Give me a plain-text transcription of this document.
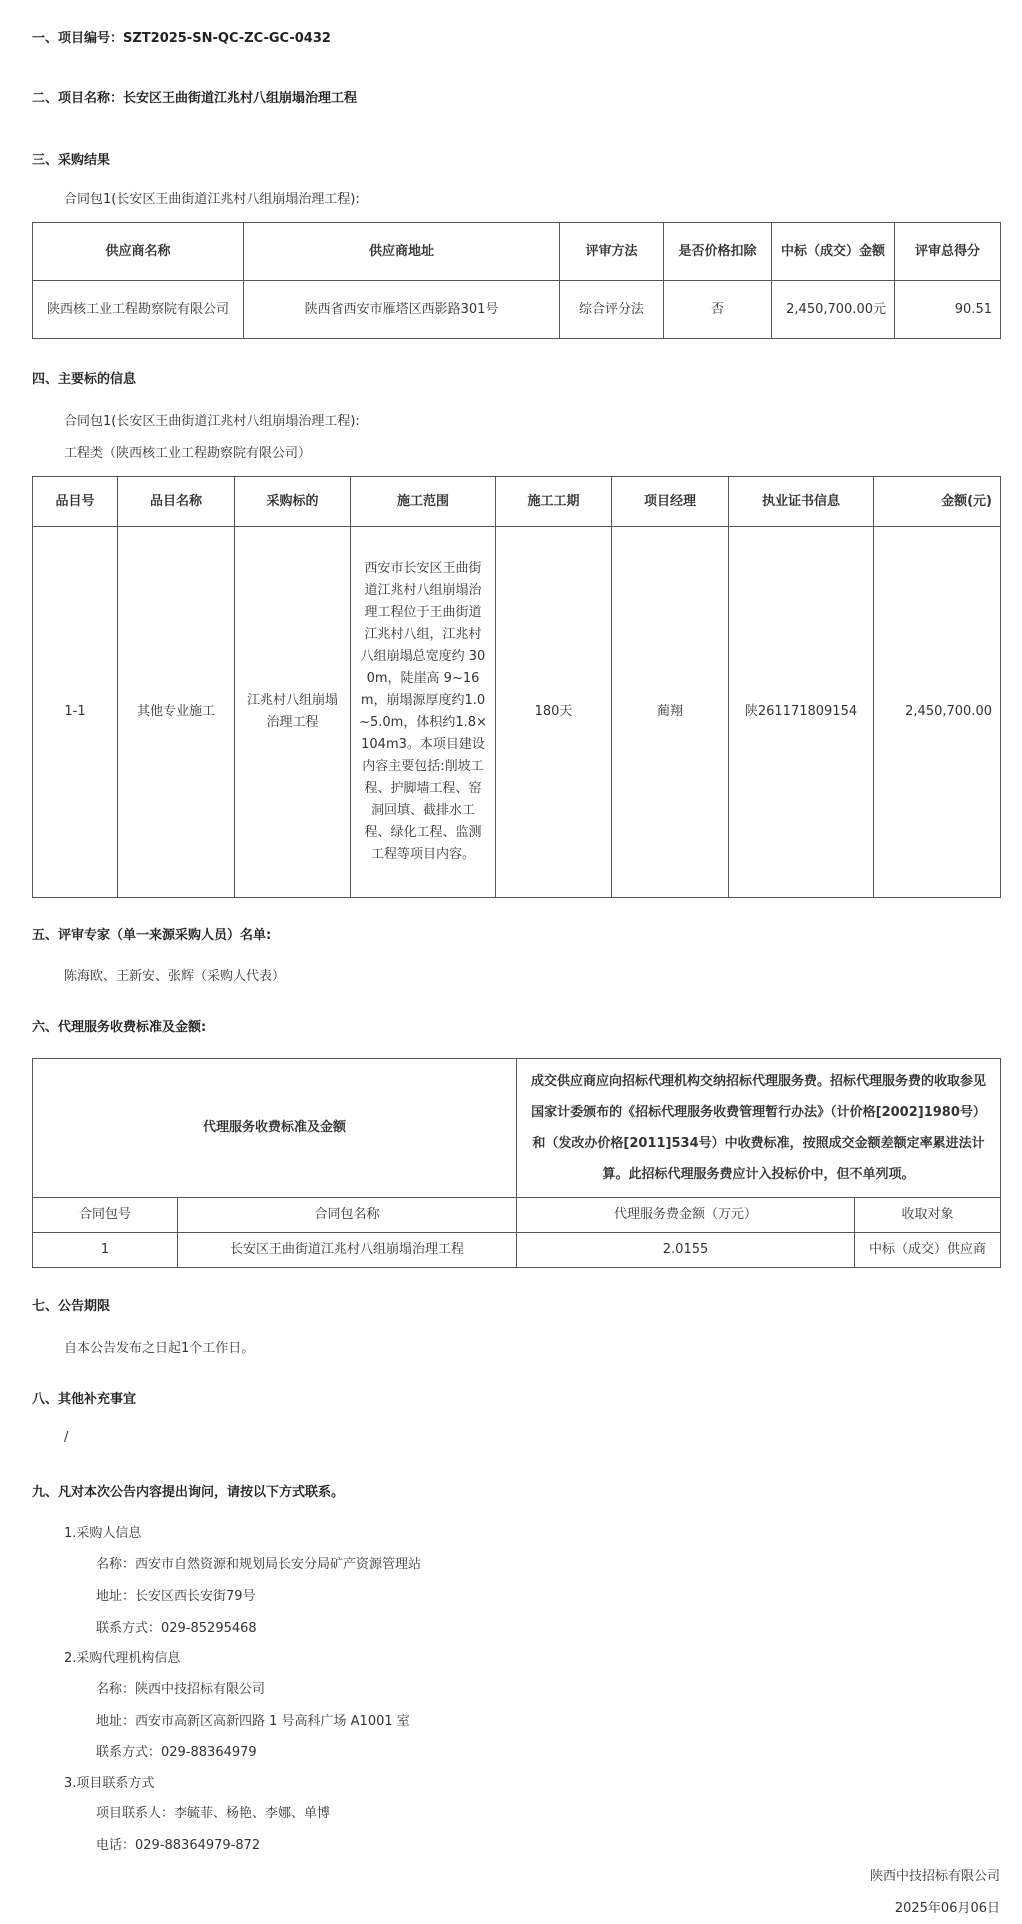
一、项目编号：SZT2025-SN-QC-ZC-GC-0432
二、项目名称：长安区王曲街道江兆村八组崩塌治理工程
三、采购结果
合同包1(长安区王曲街道江兆村八组崩塌治理工程):
供应商名称	供应商地址	评审方法	是否价格扣除	中标（成交）金额	评审总得分
陕西核工业工程勘察院有限公司	陕西省西安市雁塔区西影路301号	综合评分法	否	2,450,700.00元	90.51
四、主要标的信息
合同包1(长安区王曲街道江兆村八组崩塌治理工程):
工程类（陕西核工业工程勘察院有限公司）
品目号	品目名称	采购标的	施工范围	施工工期	项目经理	执业证书信息	金额(元)
1-1	其他专业施工	江兆村八组崩塌治理工程	西安市长安区王曲街道江兆村八组崩塌治理工程位于王曲街道江兆村八组，江兆村八组崩塌总宽度约 300m，陡崖高 9~16m，崩塌源厚度约1.0~5.0m，体积约1.8×104m3。本项目建设内容主要包括:削坡工程、护脚墙工程、窑洞回填、截排水工程、绿化工程、监测工程等项目内容。	180天	蔺翔	陕261171809154	2,450,700.00
五、评审专家（单一来源采购人员）名单:
陈海欧、王新安、张辉（采购人代表）
六、代理服务收费标准及金额:
代理服务收费标准及金额		成交供应商应向招标代理机构交纳招标代理服务费。招标代理服务费的收取参见国家计委颁布的《招标代理服务收费管理暂行办法》（计价格[2002]1980号）和（发改办价格[2011]534号）中收费标准，按照成交金额差额定率累进法计算。此招标代理服务费应计入投标价中，但不单列项。	
合同包号	合同包名称	代理服务费金额（万元）	收取对象
1	长安区王曲街道江兆村八组崩塌治理工程	2.0155	中标（成交）供应商
七、公告期限
自本公告发布之日起1个工作日。
八、其他补充事宜
/
九、凡对本次公告内容提出询问，请按以下方式联系。
1.采购人信息
名称：西安市自然资源和规划局长安分局矿产资源管理站
地址：长安区西长安街79号
联系方式：029-85295468
2.采购代理机构信息
名称：陕西中技招标有限公司
地址：西安市高新区高新四路 1 号高科广场 A1001 室
联系方式：029-88364979
3.项目联系方式
项目联系人：李毓菲、杨艳、李娜、单博
电话：029-88364979-872
陕西中技招标有限公司
2025年06月06日
